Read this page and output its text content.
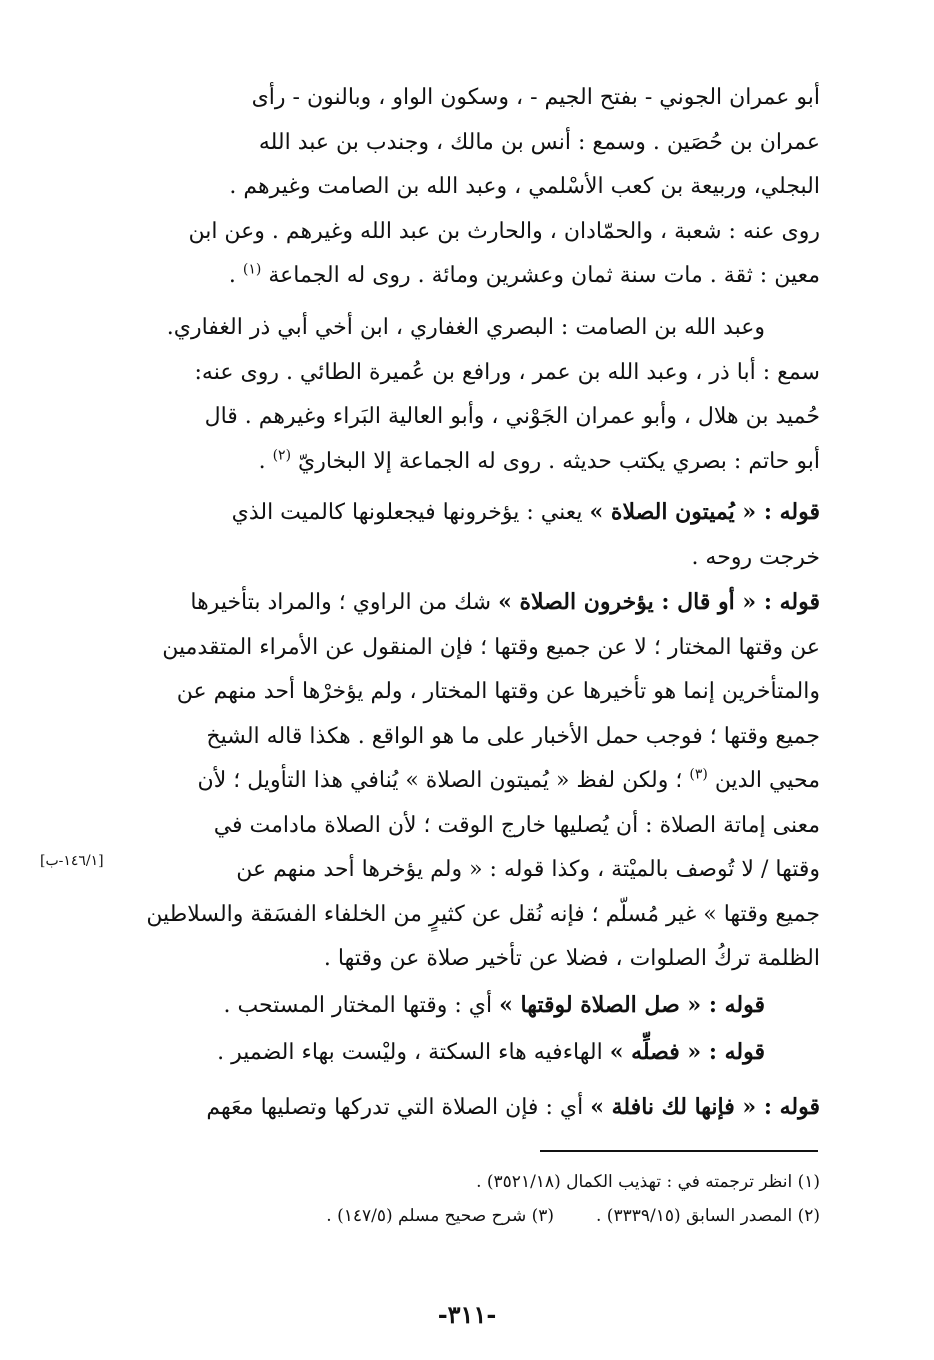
أبو عمران الجوني - بفتح الجيم - ، وسكون الواو ، وبالنون - رأى
عمران بن حُصَين . وسمع : أنس بن مالك ، وجندب بن عبد الله
البجلي، وربيعة بن كعب الأسْلمي ، وعبد الله بن الصامت وغيرهم .
روى عنه : شعبة ، والحمّادان ، والحارث بن عبد الله وغيرهم . وعن ابن
معين : ثقة . مات سنة ثمان وعشرين ومائة . روى له الجماعة $^{(١)}$ .
وعبد الله بن الصامت : البصري الغفاري ، ابن أخي أبي ذر الغفاري.
سمع : أبا ذر ، وعبد الله بن عمر ، ورافع بن عُميرة الطائي . روى عنه:
حُميد بن هلال ، وأبو عمران الجَوْني ، وأبو العالية البَراء وغيرهم . قال
أبو حاتم : بصري يكتب حديثه . روى له الجماعة إلا البخاريّ $^{(٢)}$ .
قوله : « يُميتون الصلاة » يعني : يؤخرونها فيجعلونها كالميت الذي
خرجت روحه .
قوله : « أو قال : يؤخرون الصلاة » شك من الراوي ؛ والمراد بتأخيرها
عن وقتها المختار ؛ لا عن جميع وقتها ؛ فإن المنقول عن الأمراء المتقدمين
والمتأخرين إنما هو تأخيرها عن وقتها المختار ، ولم يؤخرْها أحد منهم عن
جميع وقتها ؛ فوجب حمل الأخبار على ما هو الواقع . هكذا قاله الشيخ
محيي الدين $^{(٣)}$ ؛ ولكن لفظ « يُميتون الصلاة » يُنافي هذا التأويل ؛ لأن
معنى إماتة الصلاة : أن يُصليها خارج الوقت ؛ لأن الصلاة مادامت في
وقتها / لا تُوصف بالميْتة ، وكذا قوله : « ولم يؤخرها أحد منهم عن
جميع وقتها » غير مُسلّم ؛ فإنه نُقل عن كثيرٍ من الخلفاء الفسَقة والسلاطين
الظلمة تركُ الصلوات ، فضلا عن تأخير صلاة عن وقتها .
قوله : « صل الصلاة لوقتها » أي : وقتها المختار المستحب .
قوله : « فصلِّه » الهاءفيه هاء السكتة ، وليْست بهاء الضمير .
قوله : « فإنها لك نافلة » أي : فإن الصلاة التي تدركها وتصليها معَهم
[١٤٦/١-ب]
(١) انظر ترجمته في : تهذيب الكمال (٣٥٢١/١٨) .
(٢) المصدر السابق (٣٣٣٩/١٥) .(٣) شرح صحيح مسلم (١٤٧/٥) .
-٣١١-
